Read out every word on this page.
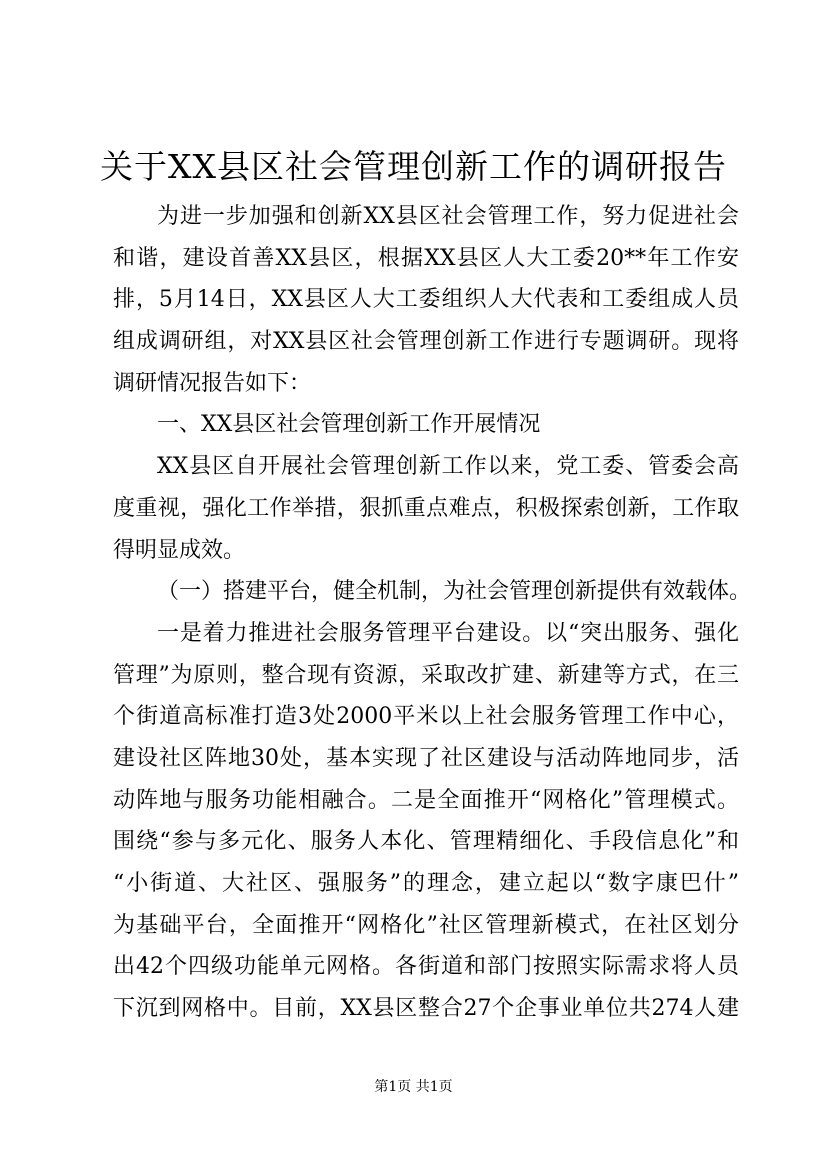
关于XX县区社会管理创新工作的调研报告
为进一步加强和创新XX县区社会管理工作，努力促进社会
和谐，建设首善XX县区，根据XX县区人大工委20**年工作安
排，5月14日，XX县区人大工委组织人大代表和工委组成人员
组成调研组，对XX县区社会管理创新工作进行专题调研。现将
调研情况报告如下：
一、XX县区社会管理创新工作开展情况
XX县区自开展社会管理创新工作以来，党工委、管委会高
度重视，强化工作举措，狠抓重点难点，积极探索创新，工作取
得明显成效。
（一）搭建平台，健全机制，为社会管理创新提供有效载体。
一是着力推进社会服务管理平台建设。以“突出服务、强化
管理”为原则，整合现有资源，采取改扩建、新建等方式，在三
个街道高标准打造3处2000平米以上社会服务管理工作中心，
建设社区阵地30处，基本实现了社区建设与活动阵地同步，活
动阵地与服务功能相融合。二是全面推开“网格化”管理模式。
围绕“参与多元化、服务人本化、管理精细化、手段信息化”和
“小街道、大社区、强服务”的理念，建立起以“数字康巴什”
为基础平台，全面推开“网格化”社区管理新模式，在社区划分
出42个四级功能单元网格。各街道和部门按照实际需求将人员
下沉到网格中。目前，XX县区整合27个企事业单位共274人建
第1页 共1页
